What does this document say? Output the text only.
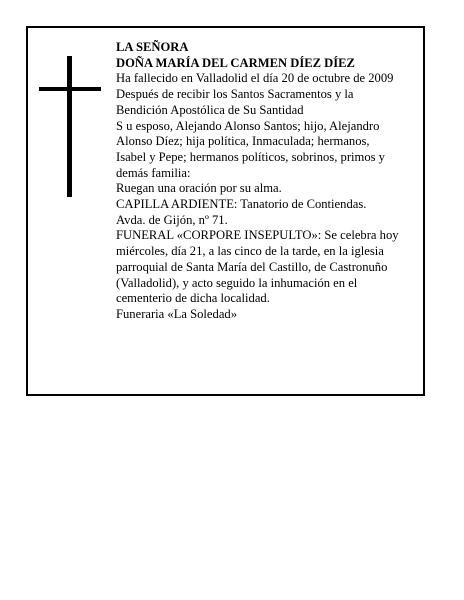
LA SEÑORA
DOÑA MARÍA DEL CARMEN DÍEZ DÍEZ
Ha fallecido en Valladolid el día 20 de octubre de 2009
Después de recibir los Santos Sacramentos y la
Bendición Apostólica de Su Santidad
S u esposo, Alejando Alonso Santos; hijo, Alejandro
Alonso Díez; hija política, Inmaculada; hermanos,
Isabel y Pepe; hermanos políticos, sobrinos, primos y
demás familia:
Ruegan una oración por su alma.
CAPILLA ARDIENTE: Tanatorio de Contiendas.
Avda. de Gijón, nº 71.
FUNERAL «CORPORE INSEPULTO»: Se celebra hoy
miércoles, día 21, a las cinco de la tarde, en la iglesia
parroquial de Santa María del Castillo, de Castronuño
(Valladolid), y acto seguido la inhumación en el
cementerio de dicha localidad.
Funeraria «La Soledad»
